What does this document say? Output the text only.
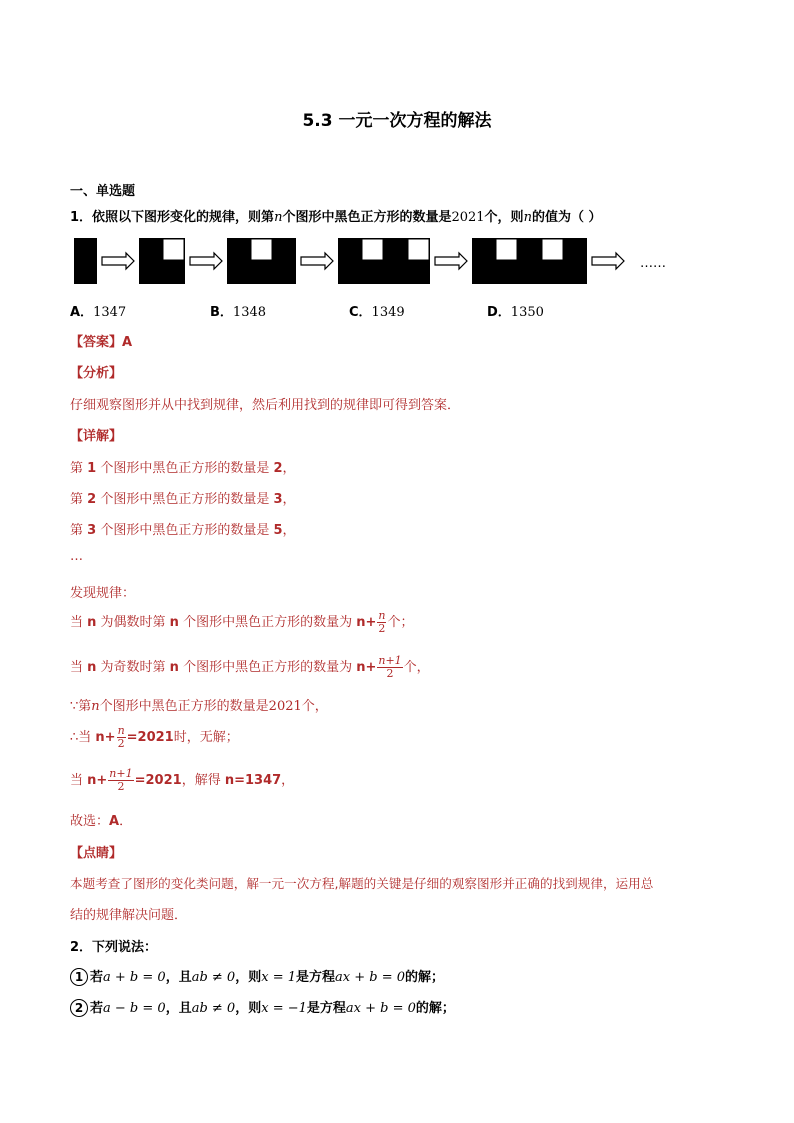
5.3 一元一次方程的解法
一、单选题
1．依照以下图形变化的规律，则第n个图形中黑色正方形的数量是2021个，则n的值为（ ）
……
A．1347	B．1348	C．1349	D．1350
【答案】A
【分析】
仔细观察图形并从中找到规律，然后利用找到的规律即可得到答案．
【详解】
第 1 个图形中黑色正方形的数量是 2，
第 2 个图形中黑色正方形的数量是 3，
第 3 个图形中黑色正方形的数量是 5，
…
发现规律：
当 n 为偶数时第 n 个图形中黑色正方形的数量为 $n+ \frac{n}{2}$ 个；
当 n 为奇数时第 n 个图形中黑色正方形的数量为 $n+ \frac{n+1}{2}$ 个，
∵第n个图形中黑色正方形的数量是2021个，
∴当 $n+ \frac{n}{2} =2021$时，无解；
当 $n+ \frac{n+1}{2} =2021$，解得 n=1347，
故选：A．
【点睛】
本题考查了图形的变化类问题，解一元一次方程,解题的关键是仔细的观察图形并正确的找到规律，运用总
结的规律解决问题．
2．下列说法：
1 若a + b = 0，且ab ≠ 0，则x = 1是方程ax + b = 0的解；
2 若a − b = 0，且ab ≠ 0，则x = −1是方程ax + b = 0的解；
